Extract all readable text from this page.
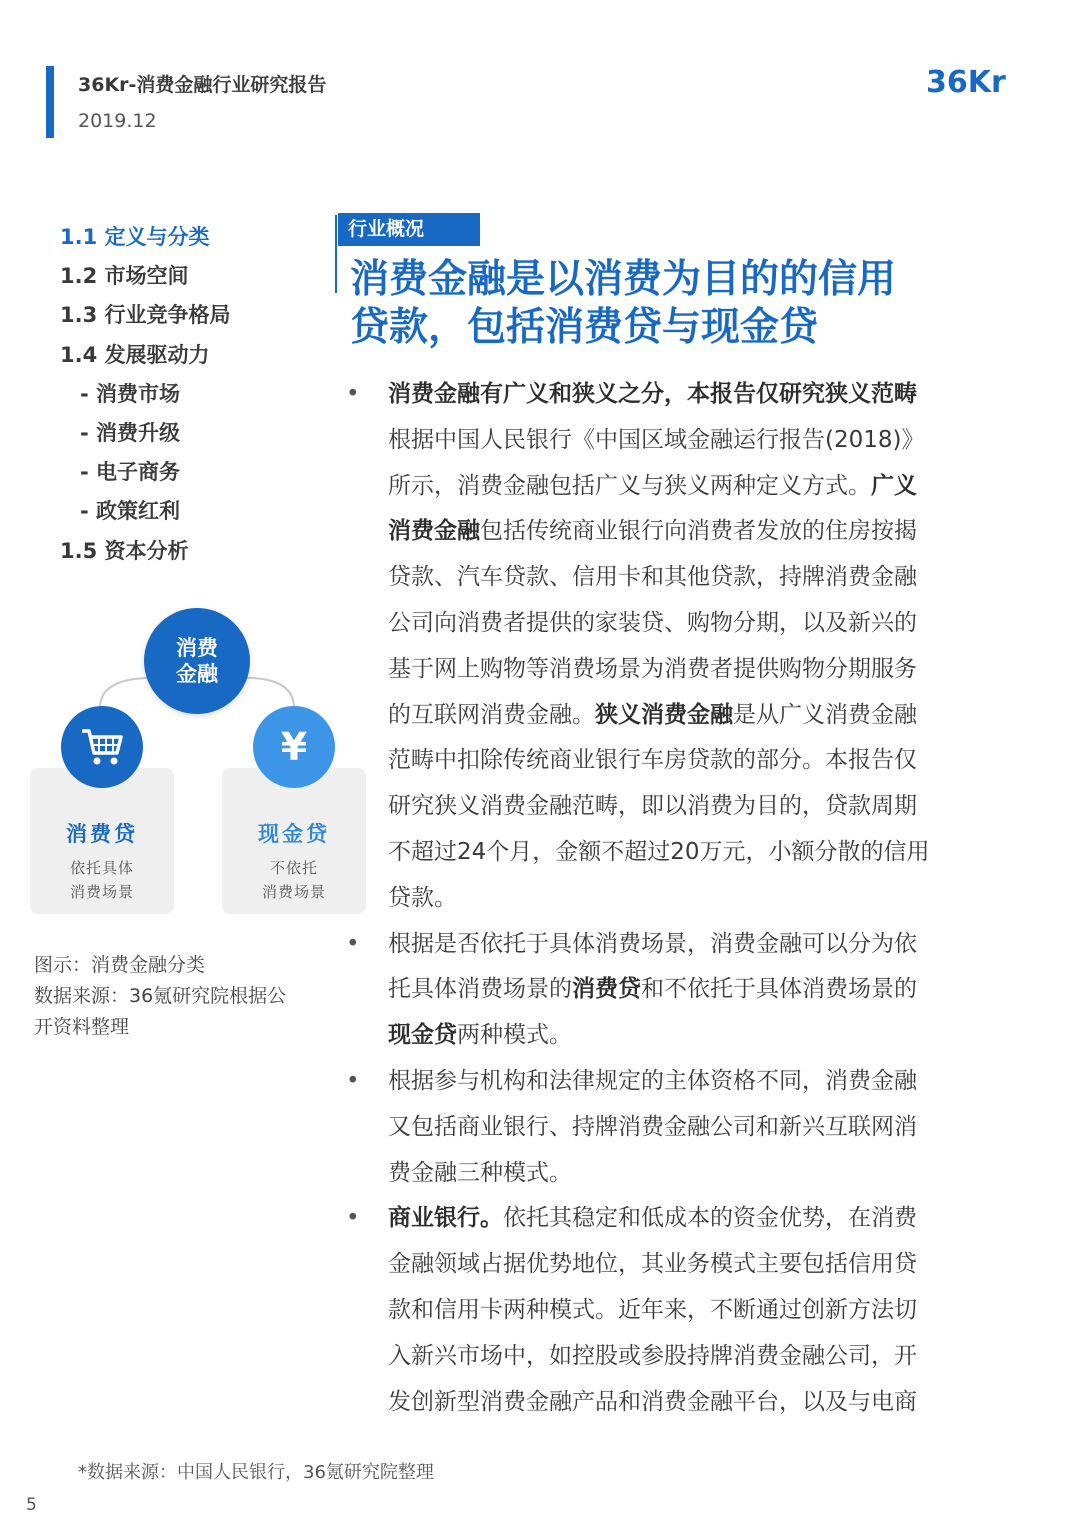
36Kr-消费金融行业研究报告
2019.12
36Kr
1.1 定义与分类
1.2 市场空间
1.3 行业竞争格局
1.4 发展驱动力
- 消费市场
- 消费升级
- 电子商务
- 政策红利
1.5 资本分析
消费
金融
消费贷
依托具体
消费场景
现金贷
不依托
消费场景
¥
图示：消费金融分类
数据来源：36氪研究院根据公
开资料整理
行业概况
消费金融是以消费为目的的信用
贷款，包括消费贷与现金贷
• 消费金融有广义和狭义之分，本报告仅研究狭义范畴
根据中国人民银行《中国区域金融运行报告(2018)》
所示，消费金融包括广义与狭义两种定义方式。广义
消费金融包括传统商业银行向消费者发放的住房按揭
贷款、汽车贷款、信用卡和其他贷款，持牌消费金融
公司向消费者提供的家装贷、购物分期，以及新兴的
基于网上购物等消费场景为消费者提供购物分期服务
的互联网消费金融。狭义消费金融是从广义消费金融
范畴中扣除传统商业银行车房贷款的部分。本报告仅
研究狭义消费金融范畴，即以消费为目的，贷款周期
不超过24个月，金额不超过20万元，小额分散的信用
贷款。
• 根据是否依托于具体消费场景，消费金融可以分为依
托具体消费场景的消费贷和不依托于具体消费场景的
现金贷两种模式。
• 根据参与机构和法律规定的主体资格不同，消费金融
又包括商业银行、持牌消费金融公司和新兴互联网消
费金融三种模式。
• 商业银行。依托其稳定和低成本的资金优势，在消费
金融领域占据优势地位，其业务模式主要包括信用贷
款和信用卡两种模式。近年来，不断通过创新方法切
入新兴市场中，如控股或参股持牌消费金融公司，开
发创新型消费金融产品和消费金融平台，以及与电商
*数据来源：中国人民银行，36氪研究院整理
5
